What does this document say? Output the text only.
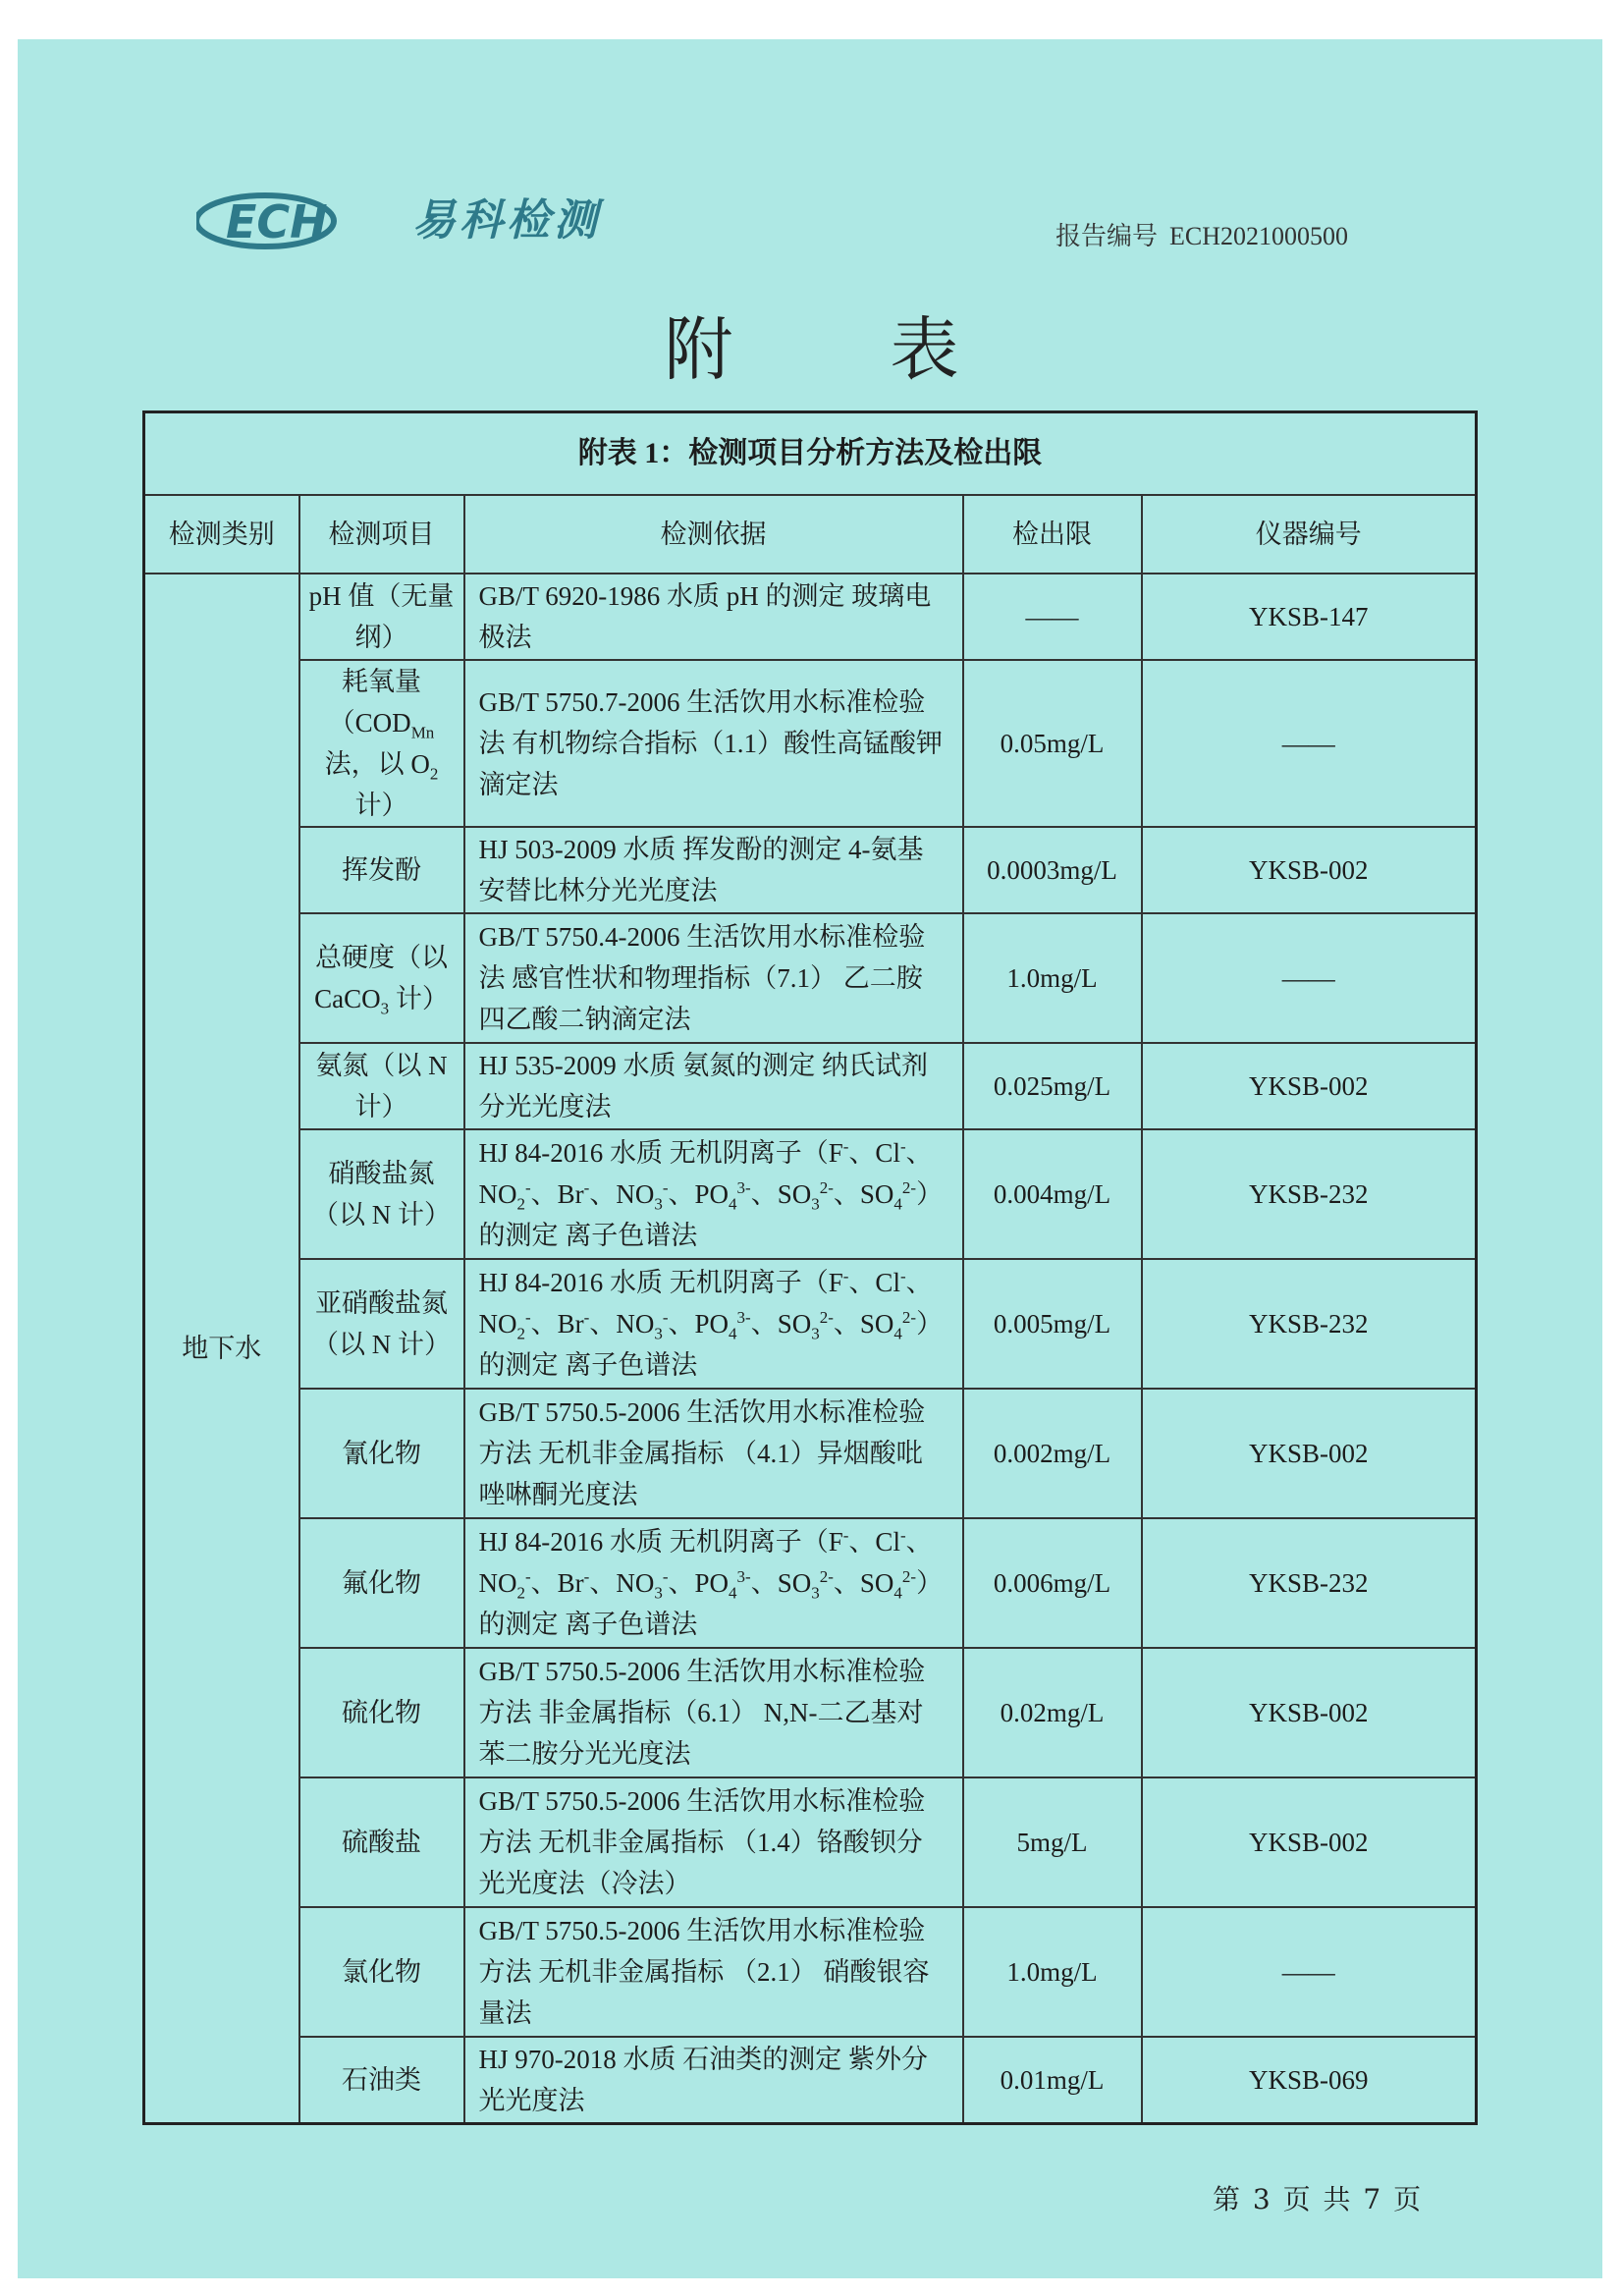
ECH 易科检测	报告编号 ECH2021000500
附表
附表 1：检测项目分析方法及检出限				
检测类别	检测项目	检测依据	检出限	仪器编号
地下水	pH 值（无量纲）	GB/T 6920-1986 水质 pH 的测定 玻璃电极法	——	YKSB-147
	耗氧量（$COD_{Mn}$法，以 $O_2$ 计）	GB/T 5750.7-2006 生活饮用水标准检验法 有机物综合指标（1.1）酸性高锰酸钾滴定法	0.05mg/L	——
	挥发酚	HJ 503-2009 水质 挥发酚的测定 4-氨基安替比林分光光度法	0.0003mg/L	YKSB-002
	总硬度（以 CaCO$_3$ 计）	GB/T 5750.4-2006 生活饮用水标准检验法 感官性状和物理指标（7.1） 乙二胺四乙酸二钠滴定法	1.0mg/L	——
	氨氮（以 N 计）	HJ 535-2009 水质 氨氮的测定 纳氏试剂分光光度法	0.025mg/L	YKSB-002
	硝酸盐氮（以 N 计）	HJ 84-2016 水质 无机阴离子（F-、Cl-、$NO_2^-$、Br-、$NO_3^-$、$PO_4^{3-}$、$SO_3^{2-}$、$SO_4^{2-}$）的测定 离子色谱法	0.004mg/L	YKSB-232
	亚硝酸盐氮（以 N 计）	HJ 84-2016 水质 无机阴离子（F-、Cl-、$NO_2^-$、Br-、$NO_3^-$、$PO_4^{3-}$、$SO_3^{2-}$、$SO_4^{2-}$）的测定 离子色谱法	0.005mg/L	YKSB-232
	氰化物	GB/T 5750.5-2006 生活饮用水标准检验方法 无机非金属指标 （4.1）异烟酸吡唑啉酮光度法	0.002mg/L	YKSB-002
	氟化物	HJ 84-2016 水质 无机阴离子（F-、Cl-、$NO_2^-$、Br-、$NO_3^-$、$PO_4^{3-}$、$SO_3^{2-}$、$SO_4^{2-}$）的测定 离子色谱法	0.006mg/L	YKSB-232
	硫化物	GB/T 5750.5-2006 生活饮用水标准检验方法 非金属指标（6.1） N,N-二乙基对苯二胺分光光度法	0.02mg/L	YKSB-002
	硫酸盐	GB/T 5750.5-2006 生活饮用水标准检验方法 无机非金属指标 （1.4）铬酸钡分光光度法（冷法）	5mg/L	YKSB-002
	氯化物	GB/T 5750.5-2006 生活饮用水标准检验方法 无机非金属指标 （2.1） 硝酸银容量法	1.0mg/L	——
	石油类	HJ 970-2018 水质 石油类的测定 紫外分光光度法	0.01mg/L	YKSB-069
第 3 页 共 7 页
